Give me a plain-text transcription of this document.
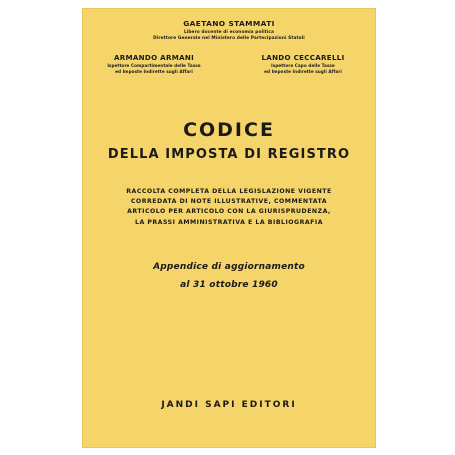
GAETANO STAMMATI
Libero docente di economia politica
Direttore Generale nel Ministero delle Partecipazioni Statali
ARMANDO ARMANI
Ispettore Compartimentale delle Tasse
ed Imposte Indirette sugli Affari
LANDO CECCARELLI
Ispettore Capo delle Tasse
ed Imposte Indirette sugli Affari
CODICE
DELLA IMPOSTA DI REGISTRO
RACCOLTA COMPLETA DELLA LEGISLAZIONE VIGENTE
CORREDATA DI NOTE ILLUSTRATIVE, COMMENTATA
ARTICOLO PER ARTICOLO CON LA GIURISPRUDENZA,
LA PRASSI AMMINISTRATIVA E LA BIBLIOGRAFIA
Appendice di aggiornamento
al 31 ottobre 1960
JANDI SAPI EDITORI
